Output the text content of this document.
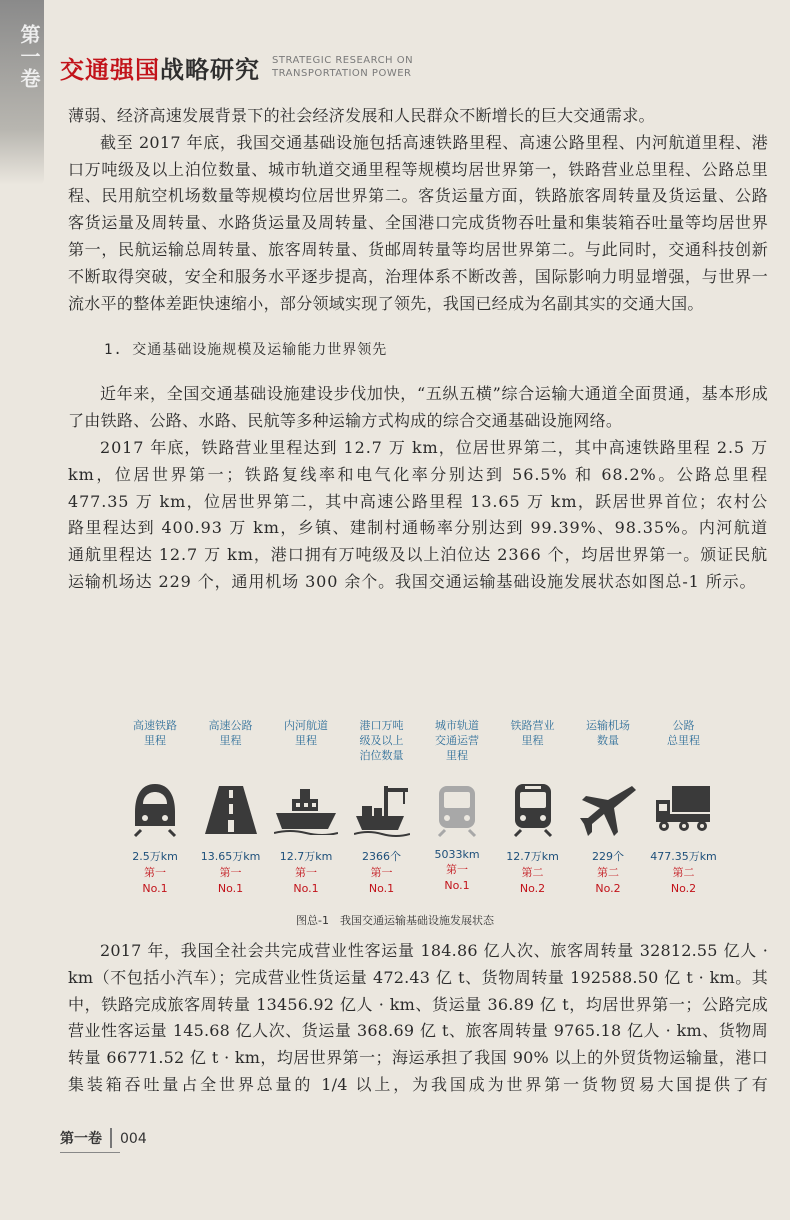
第一卷 交通强国战略研究 STRATEGIC RESEARCH ON
TRANSPORTATION POWER

薄弱、经济高速发展背景下的社会经济发展和人民群众不断增长的巨大交通需求。

截至 2017 年底，我国交通基础设施包括高速铁路里程、高速公路里程、内河航道里程、港口万吨级及以上泊位数量、城市轨道交通里程等规模均居世界第一，铁路营业总里程、公路总里程、民用航空机场数量等规模均位居世界第二。客货运量方面，铁路旅客周转量及货运量、公路客货运量及周转量、水路货运量及周转量、全国港口完成货物吞吐量和集装箱吞吐量等均居世界第一，民航运输总周转量、旅客周转量、货邮周转量等均居世界第二。与此同时，交通科技创新不断取得突破，安全和服务水平逐步提高，治理体系不断改善，国际影响力明显增强，与世界一流水平的整体差距快速缩小，部分领域实现了领先，我国已经成为名副其实的交通大国。

1. 交通基础设施规模及运输能力世界领先

近年来，全国交通基础设施建设步伐加快，“五纵五横”综合运输大通道全面贯通，基本形成了由铁路、公路、水路、民航等多种运输方式构成的综合交通基础设施网络。

2017 年底，铁路营业里程达到 12.7 万 km，位居世界第二，其中高速铁路里程 2.5 万 km，位居世界第一；铁路复线率和电气化率分别达到 56.5% 和 68.2%。公路总里程 477.35 万 km，位居世界第二，其中高速公路里程 13.65 万 km，跃居世界首位；农村公路里程达到 400.93 万 km，乡镇、建制村通畅率分别达到 99.39%、98.35%。内河航道通航里程达 12.7 万 km，港口拥有万吨级及以上泊位达 2366 个，均居世界第一。颁证民航运输机场达 229 个，通用机场 300 余个。我国交通运输基础设施发展状态如图总-1 所示。

高速铁路
里程
2.5万km
第一
No.1
高速公路
里程
13.65万km
第一
No.1
内河航道
里程
12.7万km
第一
No.1
港口万吨
级及以上
泊位数量
2366个
第一
No.1
城市轨道
交通运营
里程
5033km
第一
No.1
铁路营业
里程
12.7万km
第二
No.2
运输机场
数量
229个
第二
No.2
公路
总里程
477.35万km
第二
No.2
图总-1　我国交通运输基础设施发展状态

2017 年，我国全社会共完成营业性客运量 184.86 亿人次、旅客周转量 32812.55 亿人 · km（不包括小汽车）；完成营业性货运量 472.43 亿 t、货物周转量 192588.50 亿 t · km。其中，铁路完成旅客周转量 13456.92 亿人 · km、货运量 36.89 亿 t，均居世界第一；公路完成营业性客运量 145.68 亿人次、货运量 368.69 亿 t、旅客周转量 9765.18 亿人 · km、货物周转量 66771.52 亿 t · km，均居世界第一；海运承担了我国 90% 以上的外贸货物运输量，港口集装箱吞吐量占全世界总量的 1/4 以上，为我国成为世界第一货物贸易大国提供了有

第一卷 004
